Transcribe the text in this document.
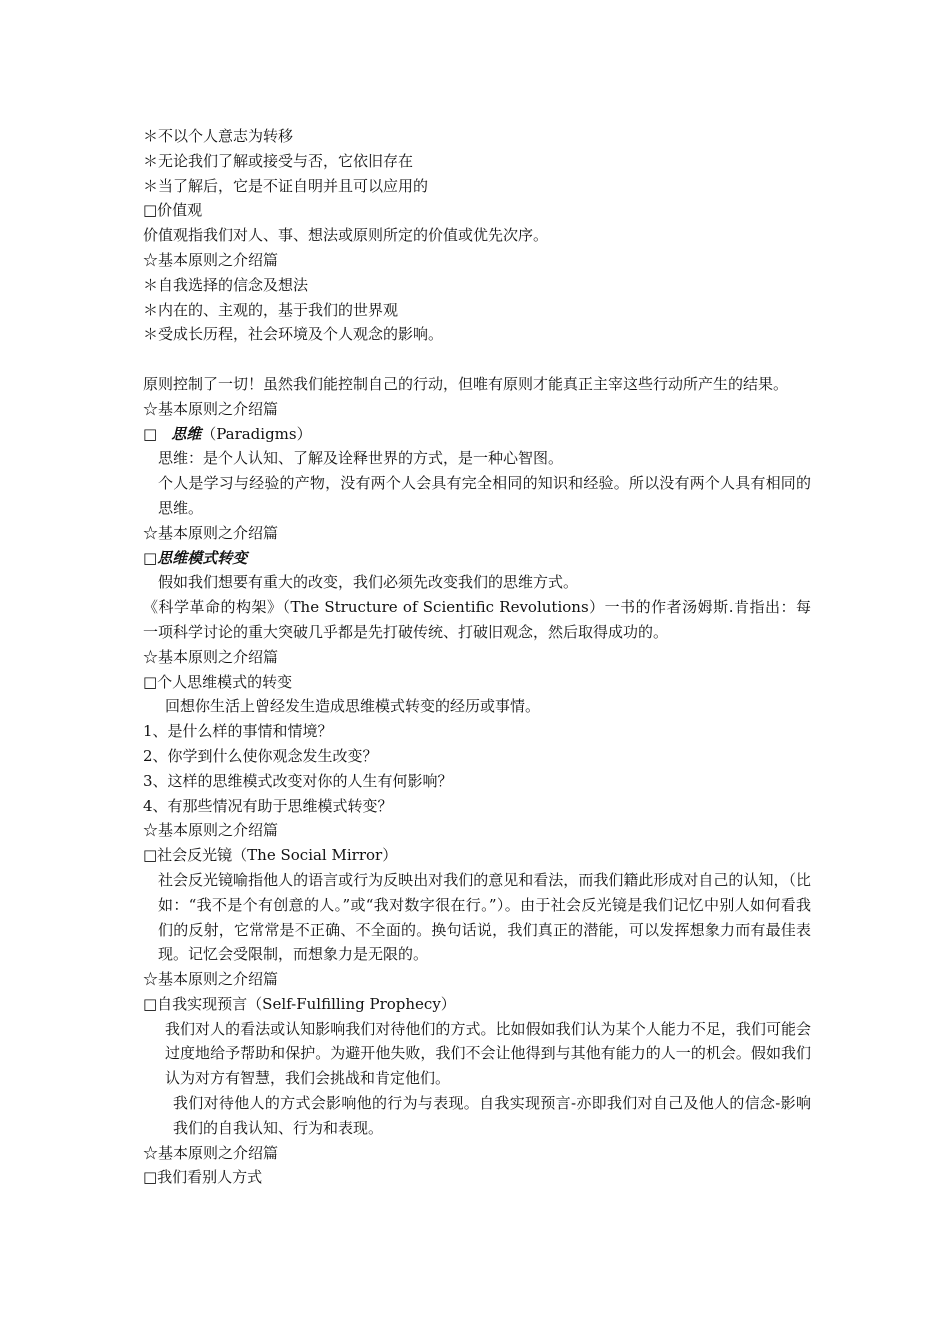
＊不以个人意志为转移
＊无论我们了解或接受与否，它依旧存在
＊当了解后，它是不证自明并且可以应用的
□价值观
价值观指我们对人、事、想法或原则所定的价值或优先次序。
☆基本原则之介绍篇
＊自我选择的信念及想法
＊内在的、主观的，基于我们的世界观
＊受成长历程，社会环境及个人观念的影响。
原则控制了一切！虽然我们能控制自己的行动，但唯有原则才能真正主宰这些行动所产生的结果。
☆基本原则之介绍篇
□ 思维（Paradigms）
思维：是个人认知、了解及诠释世界的方式，是一种心智图。
个人是学习与经验的产物，没有两个人会具有完全相同的知识和经验。所以没有两个人具有相同的思维。
☆基本原则之介绍篇
□思维模式转变
假如我们想要有重大的改变，我们必须先改变我们的思维方式。
《科学革命的构架》（The Structure of Scientific Revolutions）一书的作者汤姆斯.肯指出：每一项科学讨论的重大突破几乎都是先打破传统、打破旧观念，然后取得成功的。
☆基本原则之介绍篇
□个人思维模式的转变
回想你生活上曾经发生造成思维模式转变的经历或事情。
1、是什么样的事情和情境？
2、你学到什么使你观念发生改变？
3、这样的思维模式改变对你的人生有何影响？
4、有那些情况有助于思维模式转变？
☆基本原则之介绍篇
□社会反光镜（The Social Mirror）
社会反光镜喻指他人的语言或行为反映出对我们的意见和看法，而我们籍此形成对自己的认知，（比如：“我不是个有创意的人。”或“我对数字很在行。”）。由于社会反光镜是我们记忆中别人如何看我们的反射，它常常是不正确、不全面的。换句话说，我们真正的潜能，可以发挥想象力而有最佳表现。记忆会受限制，而想象力是无限的。
☆基本原则之介绍篇
□自我实现预言（Self-Fulfilling Prophecy）
我们对人的看法或认知影响我们对待他们的方式。比如假如我们认为某个人能力不足，我们可能会过度地给予帮助和保护。为避开他失败，我们不会让他得到与其他有能力的人一的机会。假如我们认为对方有智慧，我们会挑战和肯定他们。
我们对待他人的方式会影响他的行为与表现。自我实现预言-亦即我们对自己及他人的信念-影响我们的自我认知、行为和表现。
☆基本原则之介绍篇
□我们看别人方式
